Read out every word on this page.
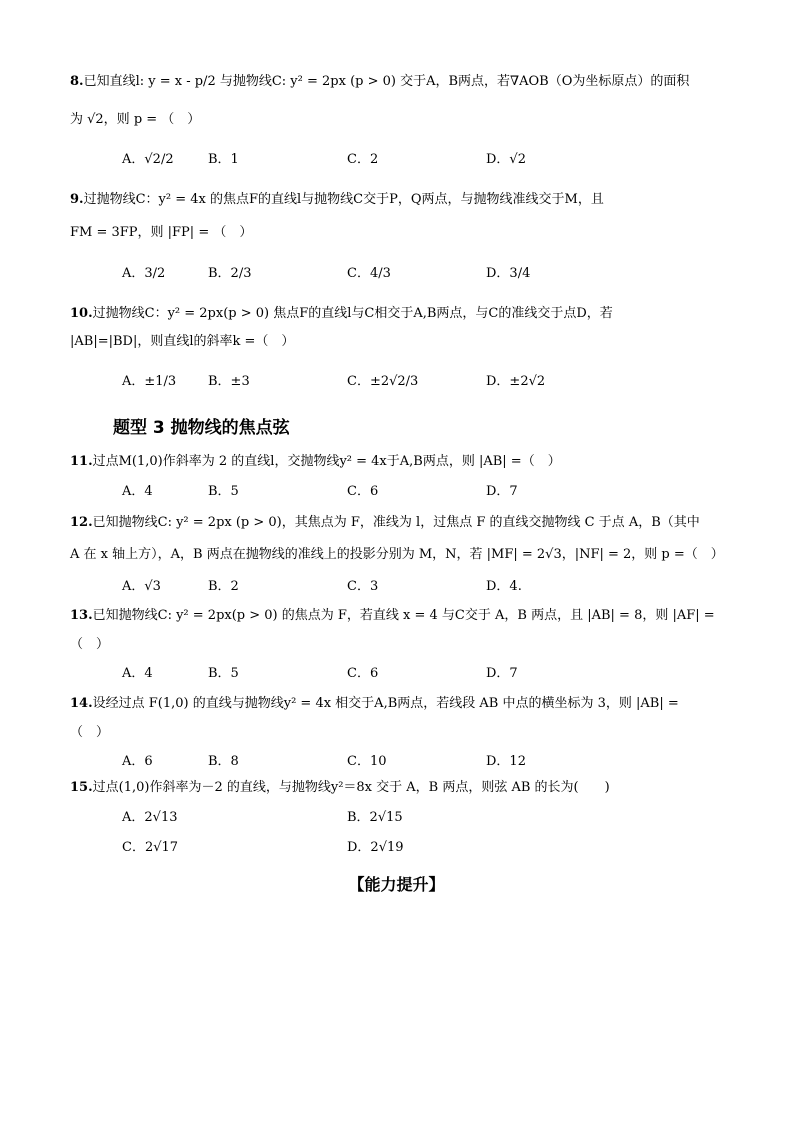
8.已知直线l: y = x - p/2 与抛物线C: y² = 2px (p > 0) 交于A，B两点，若∇AOB（O为坐标原点）的面积
为 √2，则 p = （　）
A．√2/2	B．1	C．2	D．√2
9.过抛物线C：y² = 4x 的焦点F的直线l与抛物线C交于P，Q两点，与抛物线准线交于M，且
FM = 3FP，则 |FP| = （　）
A．3/2	B．2/3	C．4/3	D．3/4
10.过抛物线C：y² = 2px(p > 0) 焦点F的直线l与C相交于A,B两点，与C的准线交于点D，若
|AB|=|BD|，则直线l的斜率k =（　）
A．±1/3 B．±3	C．±2√2/3	D．±2√2
题型 3 抛物线的焦点弦
11.过点M(1,0)作斜率为 2 的直线l，交抛物线y² = 4x于A,B两点，则 |AB| =（　）
A．4	B．5	C．6	D．7
12.已知抛物线C: y² = 2px (p > 0)，其焦点为 F，准线为 l，过焦点 F 的直线交抛物线 C 于点 A，B（其中
A 在 x 轴上方），A，B 两点在抛物线的准线上的投影分别为 M，N，若 |MF| = 2√3，|NF| = 2，则 p =（　）
A．√3	B．2	C．3	D．4.
13.已知抛物线C: y² = 2px(p > 0) 的焦点为 F，若直线 x = 4 与C交于 A，B 两点，且 |AB| = 8，则 |AF| =
（　）
A．4	B．5	C．6	D．7
14.设经过点 F(1,0) 的直线与抛物线y² = 4x 相交于A,B两点，若线段 AB 中点的横坐标为 3，则 |AB| =
（　）
A．6	B．8	C．10	D．12
15.过点(1,0)作斜率为－2 的直线，与抛物线y²＝8x 交于 A，B 两点，则弦 AB 的长为(　　)
A．2√13	B．2√15
C．2√17	D．2√19
【能力提升】
